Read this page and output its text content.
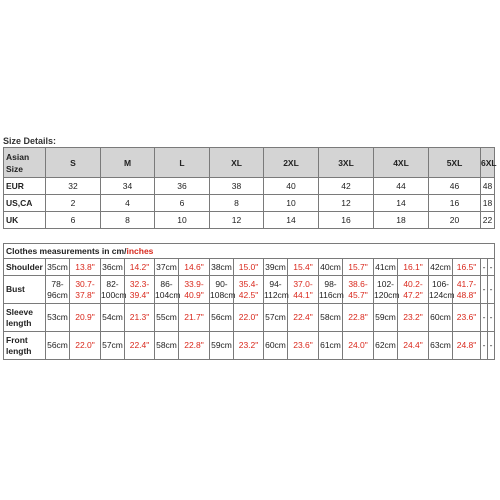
Size Details:
Asian
Size	S	M	L	XL	2XL	3XL	4XL	5XL	6XL
EUR	32	34	36	38	40	42	44	46	48
US,CA	2	4	6	8	10	12	14	16	18
UK	6	8	10	12	14	16	18	20	22
Clothes measurements in cm/inches																		
Shoulder	35cm	13.8"	36cm	14.2"	37cm	14.6"	38cm	15.0"	39cm	15.4"	40cm	15.7"	41cm	16.1"	42cm	16.5"	-	-
Bust	78-96cm	30.7-37.8"	82-100cm	32.3-39.4"	86-104cm	33.9-40.9"	90-108cm	35.4-42.5"	94-112cm	37.0-44.1"	98-116cm	38.6-45.7"	102-120cm	40.2-47.2"	106-124cm	41.7-48.8"	-	-
Sleeve
length	53cm	20.9"	54cm	21.3"	55cm	21.7"	56cm	22.0"	57cm	22.4"	58cm	22.8"	59cm	23.2"	60cm	23.6"	-	-
Front
length	56cm	22.0"	57cm	22.4"	58cm	22.8"	59cm	23.2"	60cm	23.6"	61cm	24.0"	62cm	24.4"	63cm	24.8"	-	-
